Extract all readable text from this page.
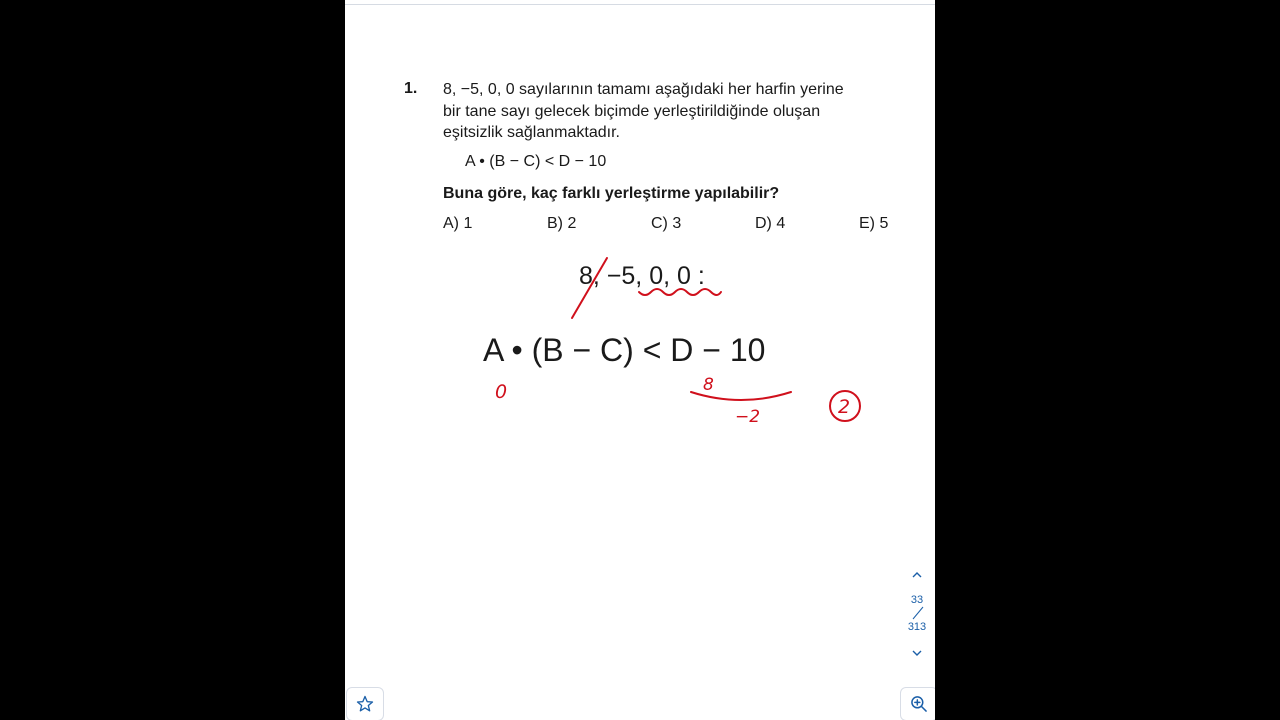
1. 8, −5, 0, 0 sayılarının tamamı aşağıdaki her harfin yerine
bir tane sayı gelecek biçimde yerleştirildiğinde oluşan
eşitsizlik sağlanmaktadır.
A • (B − C) < D − 10
Buna göre, kaç farklı yerleştirme yapılabilir?
A) 1	B) 2	C) 3	D) 4	E) 5
8, −5, 0, 0 :
A • (B − C) < D − 10
0	8
−2	2
33
313
